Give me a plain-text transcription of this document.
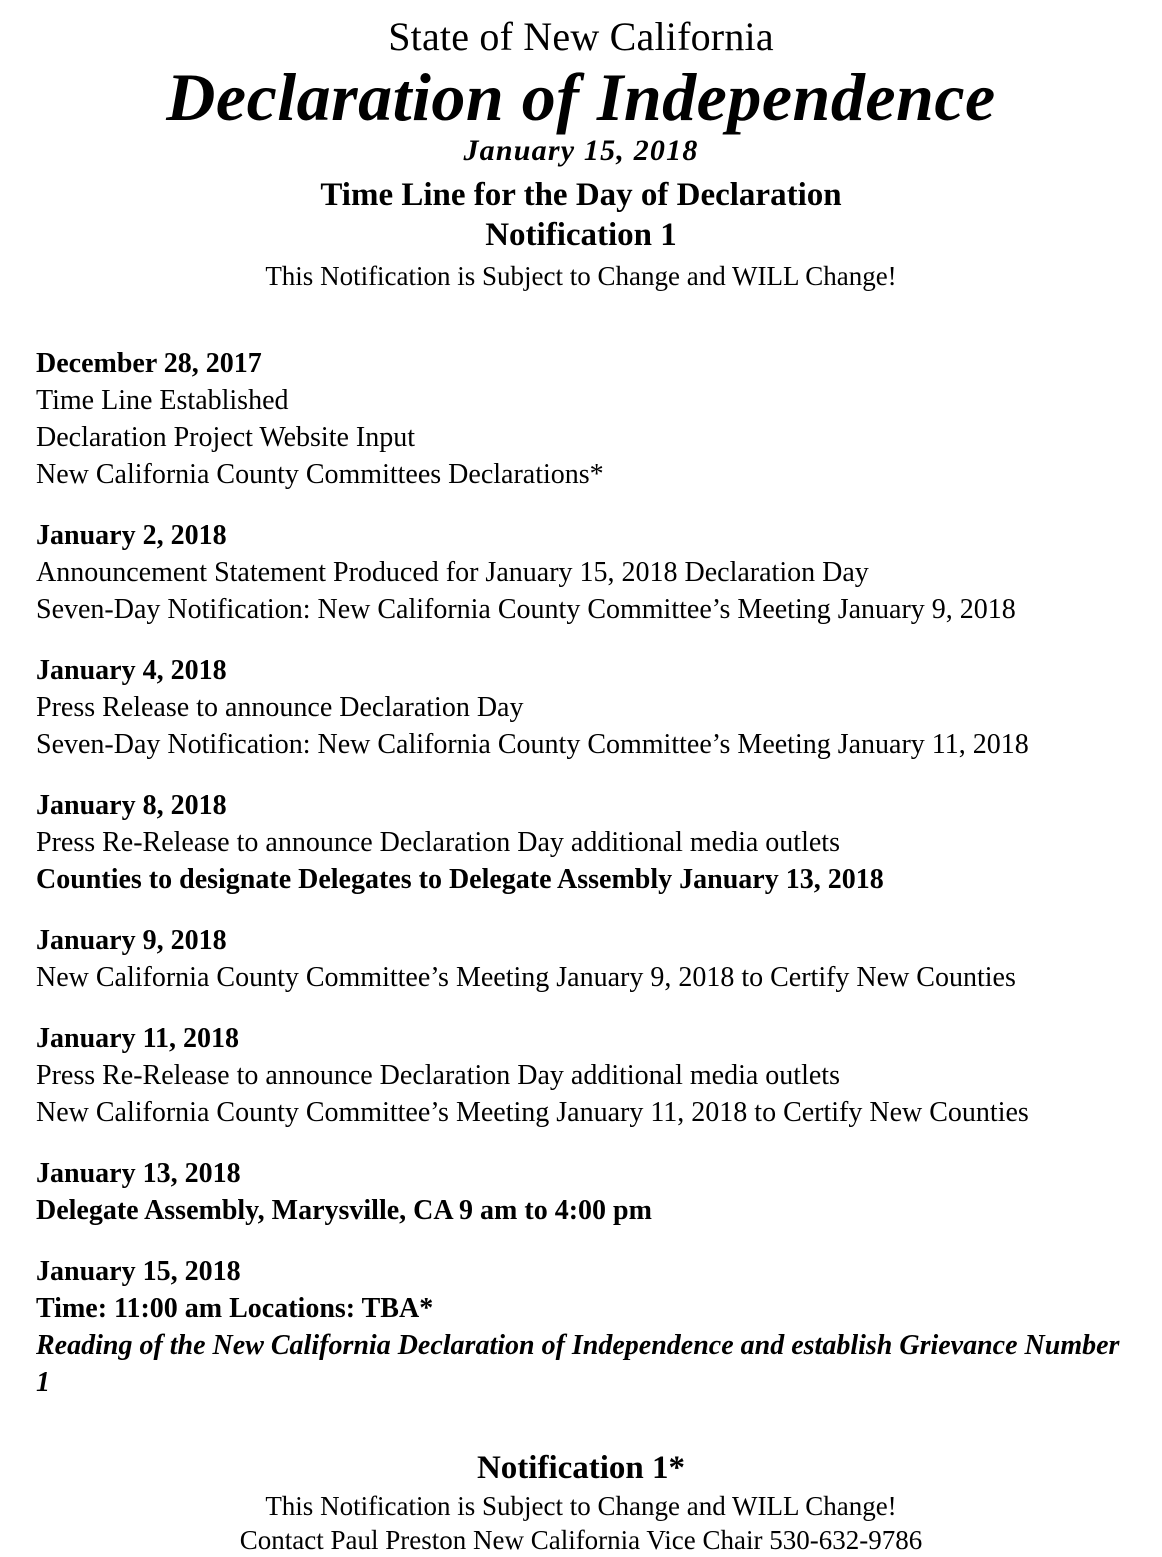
State of New California
Declaration of Independence
January 15, 2018
Time Line for the Day of Declaration
Notification 1
This Notification is Subject to Change and WILL Change!
December 28, 2017
Time Line Established
Declaration Project Website Input
New California County Committees Declarations*
January 2, 2018
Announcement Statement Produced for January 15, 2018 Declaration Day
Seven-Day Notification: New California County Committee’s Meeting January 9, 2018
January 4, 2018
Press Release to announce Declaration Day
Seven-Day Notification: New California County Committee’s Meeting January 11, 2018
January 8, 2018
Press Re-Release to announce Declaration Day additional media outlets
Counties to designate Delegates to Delegate Assembly January 13, 2018
January 9, 2018
New California County Committee’s Meeting January 9, 2018 to Certify New Counties
January 11, 2018
Press Re-Release to announce Declaration Day additional media outlets
New California County Committee’s Meeting January 11, 2018 to Certify New Counties
January 13, 2018
Delegate Assembly, Marysville, CA 9 am to 4:00 pm
January 15, 2018
Time: 11:00 am Locations: TBA*
Reading of the New California Declaration of Independence and establish Grievance Number 1
Notification 1*
This Notification is Subject to Change and WILL Change!
Contact Paul Preston New California Vice Chair 530-632-9786
